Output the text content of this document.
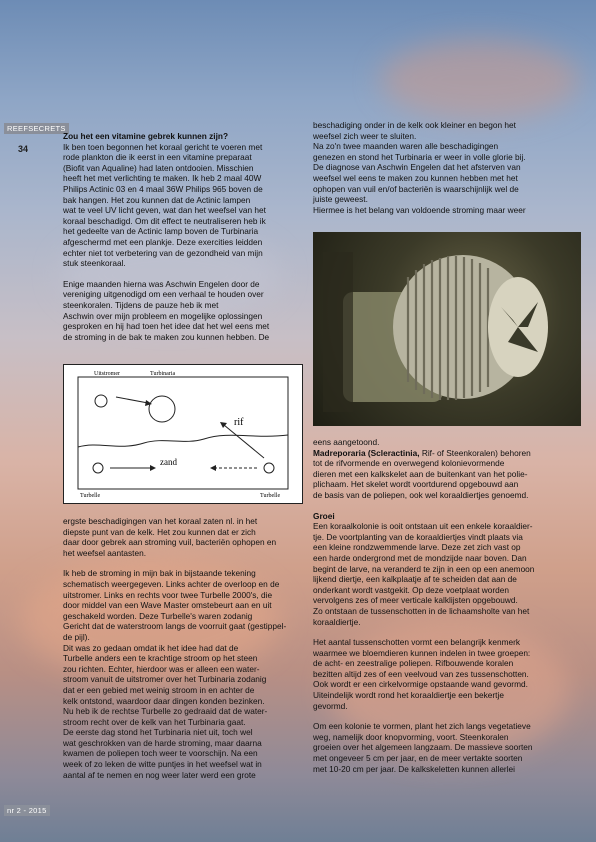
REEFSECRETS
34
nr 2 - 2015

Zou het een vitamine gebrek kunnen zijn?

Ik ben toen begonnen het koraal gericht te voeren met

rode plankton die ik eerst in een vitamine preparaat

(Biofit van Aqualine) had laten ontdooien. Misschien

heeft het met verlichting te maken. Ik heb 2 maal 40W

Philips Actinic 03 en 4 maal 36W Philips 965 boven de

bak hangen. Het zou kunnen dat de Actinic lampen

wat te veel UV licht geven, wat dan het weefsel van het

koraal beschadigd. Om dit effect te neutraliseren heb ik

het gedeelte van de Actinic lamp boven de Turbinaria

afgeschermd met een plankje. Deze exercities leidden

echter niet tot verbetering van de gezondheid van mijn

stuk steenkoraal.

Enige maanden hierna was Aschwin Engelen door de

vereniging uitgenodigd om een verhaal te houden over

steenkoralen. Tijdens de pauze heb ik met

Aschwin over mijn probleem en mogelijke oplossingen

gesproken en hij had toen het idee dat het wel eens met

de stroming in de bak te maken zou kunnen hebben. De

Uitstromer	Turbinaria
rif
zand
Turbelle	Turbelle

ergste beschadigingen van het koraal zaten nl. in het

diepste punt van de kelk. Het zou kunnen dat er zich

daar door gebrek aan stroming vuil, bacteriën ophopen en

het weefsel aantasten.

Ik heb de stroming in mijn bak in bijstaande tekening

schematisch weergegeven. Links achter de overloop en de

uitstromer. Links en rechts voor twee Turbelle 2000's, die

door middel van een Wave Master omstebeurt aan en uit

geschakeld worden. Deze Turbelle's waren zodanig

Gericht dat de waterstroom langs de voorruit gaat (gestippel-

de pijl).

Dit was zo gedaan omdat ik het idee had dat de

Turbelle anders een te krachtige stroom op het steen

zou richten. Echter, hierdoor was er alleen een water-

stroom vanuit de uitstromer over het Turbinaria zodanig

dat er een gebied met weinig stroom in en achter de

kelk ontstond, waardoor daar dingen konden bezinken.

Nu heb ik de rechtse Turbelle zo gedraaid dat de water-

stroom recht over de kelk van het Turbinaria gaat.

De eerste dag stond het Turbinaria niet uit, toch wel

wat geschrokken van de harde stroming, maar daarna

kwamen de poliepen toch weer te voorschijn. Na een

week of zo leken de witte puntjes in het weefsel wat in

aantal af te nemen en nog weer later werd een grote

beschadiging onder in de kelk ook kleiner en begon het

weefsel zich weer te sluiten.

Na zo'n twee maanden waren alle beschadigingen

genezen en stond het Turbinaria er weer in volle glorie bij.

De diagnose van Aschwin Engelen dat het afsterven van

weefsel wel eens te maken zou kunnen hebben met het

ophopen van vuil en/of bacteriën is waarschijnlijk wel de

juiste geweest.

Hiermee is het belang van voldoende stroming maar weer

eens aangetoond.

Madreporaria (Scleractinia, Rif- of Steenkoralen) behoren

tot de rifvormende en overwegend kolonievormende

dieren met een kalkskelet aan de buitenkant van het polie-

plichaam. Het skelet wordt voortdurend opgebouwd aan

de basis van de poliepen, ook wel koraaldiertjes genoemd.

Groei

Een koraalkolonie is ooit ontstaan uit een enkele koraaldier-

tje. De voortplanting van de koraaldiertjes vindt plaats via

een kleine rondzwemmende larve. Deze zet zich vast op

een harde ondergrond met de mondzijde naar boven. Dan

begint de larve, na veranderd te zijn in een op een anemoon

lijkend diertje, een kalkplaatje af te scheiden dat aan de

onderkant wordt vastgekit. Op deze voetplaat worden

vervolgens zes of meer verticale kalklijsten opgebouwd.

Zo ontstaan de tussenschotten in de lichaamsholte van het

koraaldiertje.

Het aantal tussenschotten vormt een belangrijk kenmerk

waarmee we bloemdieren kunnen indelen in twee groepen:

de acht- en zeestralige poliepen. Rifbouwende koralen

bezitten altijd zes of een veelvoud van zes tussenschotten.

Ook wordt er een cirkelvormige opstaande wand gevormd.

Uiteindelijk wordt rond het koraaldiertje een bekertje

gevormd.

Om een kolonie te vormen, plant het zich langs vegetatieve

weg, namelijk door knopvorming, voort. Steenkoralen

groeien over het algemeen langzaam. De massieve soorten

met ongeveer 5 cm per jaar, en de meer vertakte soorten

met 10-20 cm per jaar. De kalkskeletten kunnen allerlei
